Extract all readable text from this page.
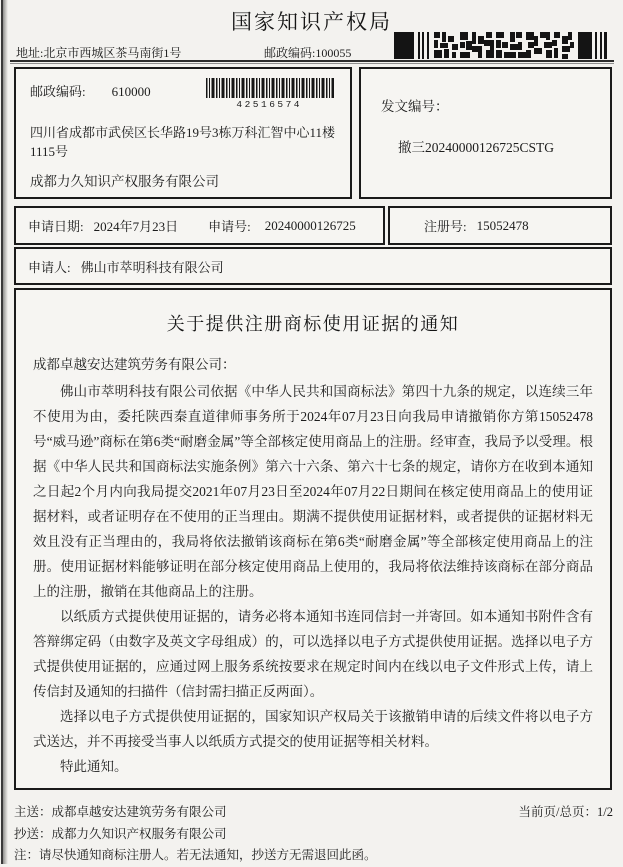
国家知识产权局
地址:北京市西城区茶马南街1号	邮政编码:100055
邮政编码: 610000
42516574
四川省成都市武侯区长华路19号3栋万科汇智中心11楼1115号
成都力久知识产权服务有限公司
发文编号：
撤三20240000126725CSTG
申请日期: 2024年7月23日 申请号: 20240000126725	注册号: 15052478
申请人: 佛山市萃明科技有限公司
关于提供注册商标使用证据的通知
成都卓越安达建筑劳务有限公司：

佛山市萃明科技有限公司依据《中华人民共和国商标法》第四十九条的规定，以连续三年不使用为由，委托陕西秦直道律师事务所于2024年07月23日向我局申请撤销你方第15052478号“威马逊”商标在第6类“耐磨金属”等全部核定使用商品上的注册。经审查，我局予以受理。根据《中华人民共和国商标法实施条例》第六十六条、第六十七条的规定，请你方在收到本通知之日起2个月内向我局提交2021年07月23日至2024年07月22日期间在核定使用商品上的使用证据材料，或者证明存在不使用的正当理由。期满不提供使用证据材料，或者提供的证据材料无效且没有正当理由的，我局将依法撤销该商标在第6类“耐磨金属”等全部核定使用商品上的注册。使用证据材料能够证明在部分核定使用商品上使用的，我局将依法维持该商标在部分商品上的注册，撤销在其他商品上的注册。

以纸质方式提供使用证据的，请务必将本通知书连同信封一并寄回。如本通知书附件含有答辩绑定码（由数字及英文字母组成）的，可以选择以电子方式提供使用证据。选择以电子方式提供使用证据的，应通过网上服务系统按要求在规定时间内在线以电子文件形式上传，请上传信封及通知的扫描件（信封需扫描正反两面）。

选择以电子方式提供使用证据的，国家知识产权局关于该撤销申请的后续文件将以电子方式送达，并不再接受当事人以纸质方式提交的使用证据等相关材料。

特此通知。

主送：成都卓越安达建筑劳务有限公司	当前页/总页：1/2
抄送：成都力久知识产权服务有限公司
注：请尽快通知商标注册人。若无法通知，抄送方无需退回此函。
